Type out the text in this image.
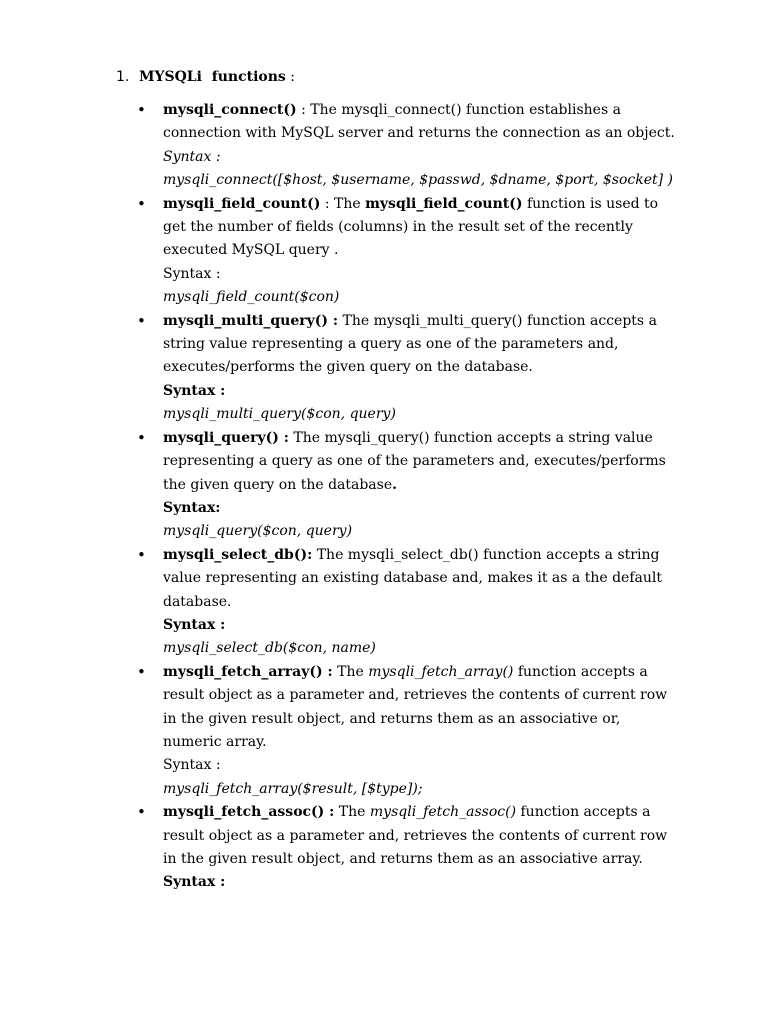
1. MYSQLi  functions :
• mysqli_connect() : The mysqli_connect() function establishes a connection with MySQL server and returns the connection as an object.

Syntax :

mysqli_connect([$host, $username, $passwd, $dname, $port, $socket] )

• mysqli_field_count() : The mysqli_field_count() function is used to get the number of fields (columns) in the result set of the recently executed MySQL query .

Syntax :

mysqli_field_count($con)

• mysqli_multi_query() : The mysqli_multi_query() function accepts a string value representing a query as one of the parameters and, executes/performs the given query on the database.

Syntax :

mysqli_multi_query($con, query)

• mysqli_query() : The mysqli_query() function accepts a string value representing a query as one of the parameters and, executes/performs the given query on the database.

Syntax:

mysqli_query($con, query)

• mysqli_select_db(): The mysqli_select_db() function accepts a string value representing an existing database and, makes it as a the default database.

Syntax :

mysqli_select_db($con, name)

• mysqli_fetch_array() : The mysqli_fetch_array() function accepts a result object as a parameter and, retrieves the contents of current row in the given result object, and returns them as an associative or, numeric array.

Syntax :

mysqli_fetch_array($result, [$type]);

• mysqli_fetch_assoc() : The mysqli_fetch_assoc() function accepts a result object as a parameter and, retrieves the contents of current row in the given result object, and returns them as an associative array.

Syntax :
